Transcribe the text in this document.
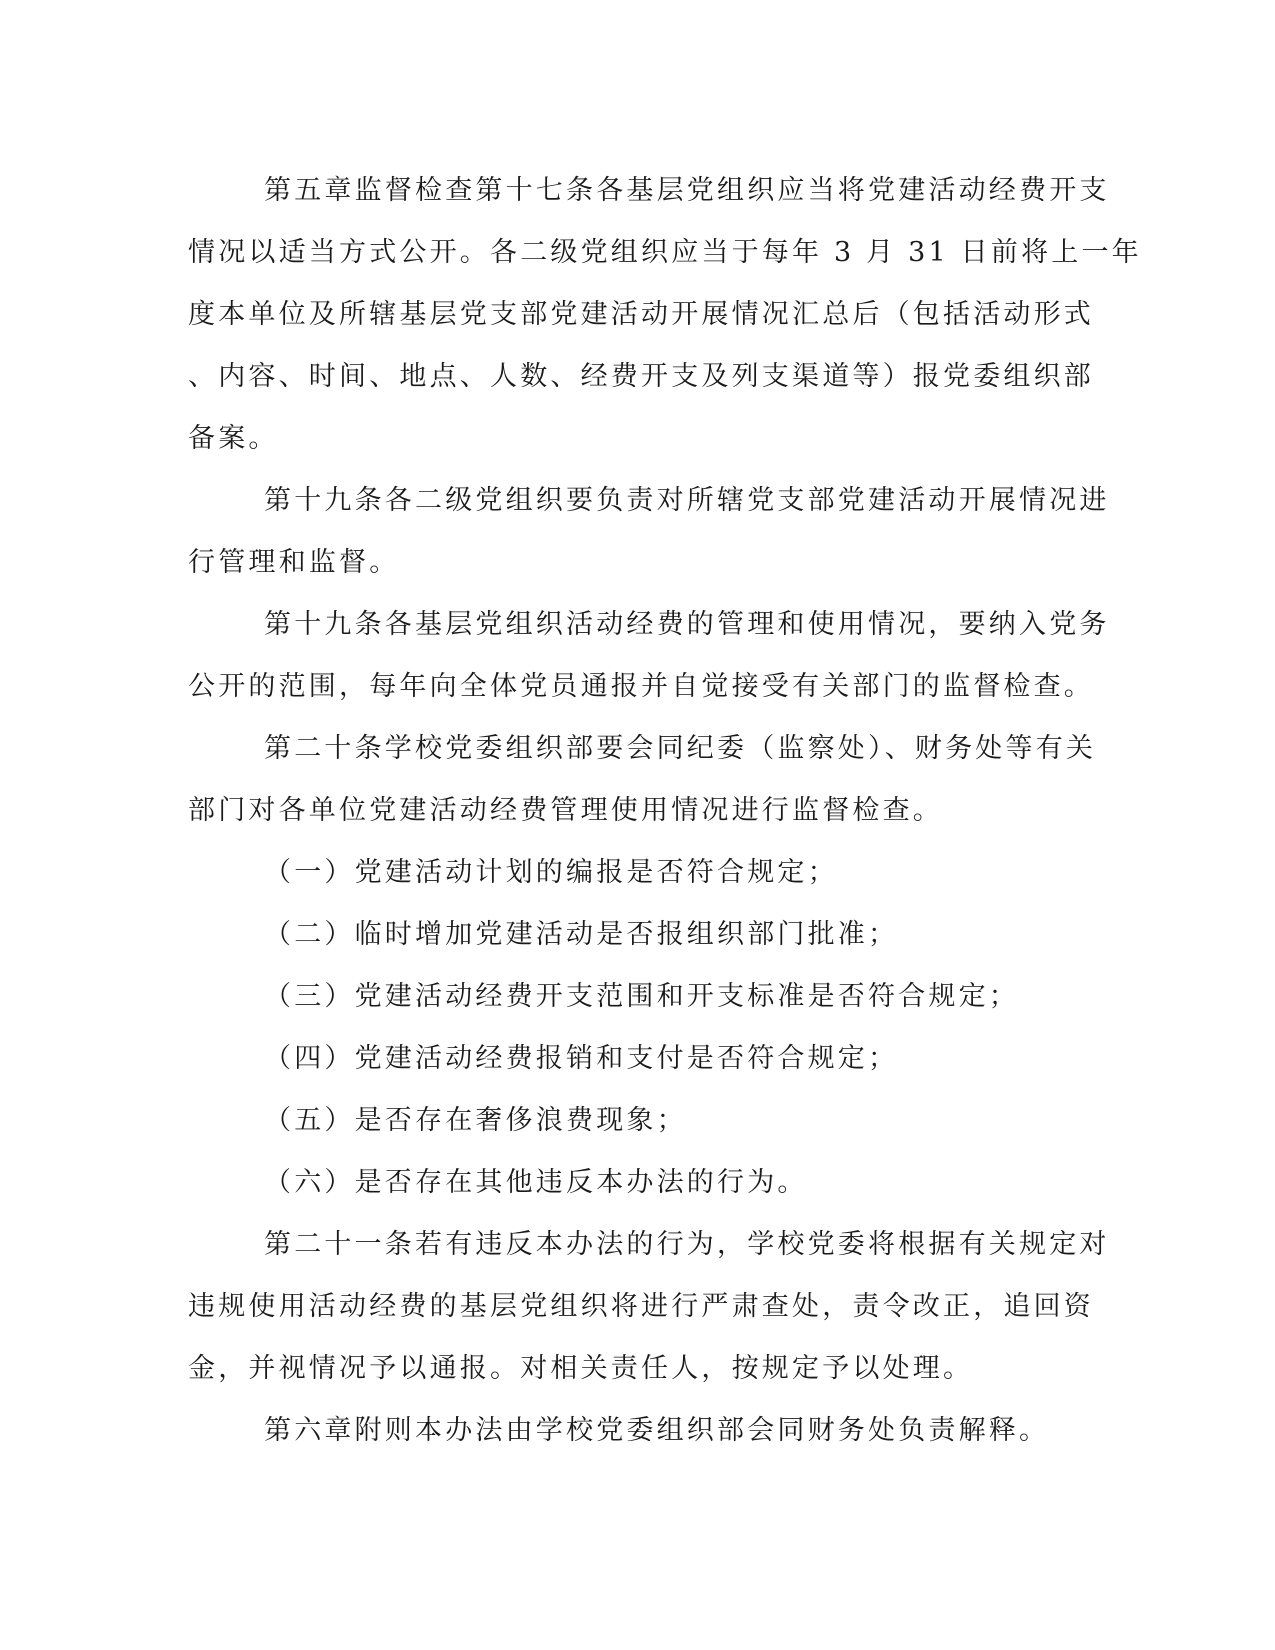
第五章监督检查第十七条各基层党组织应当将党建活动经费开支
情况以适当方式公开。各二级党组织应当于每年 3 月 31 日前将上一年
度本单位及所辖基层党支部党建活动开展情况汇总后（包括活动形式
、内容、时间、地点、人数、经费开支及列支渠道等）报党委组织部
备案。
第十九条各二级党组织要负责对所辖党支部党建活动开展情况进
行管理和监督。
第十九条各基层党组织活动经费的管理和使用情况，要纳入党务
公开的范围，每年向全体党员通报并自觉接受有关部门的监督检查。
第二十条学校党委组织部要会同纪委（监察处）、财务处等有关
部门对各单位党建活动经费管理使用情况进行监督检查。
（一）党建活动计划的编报是否符合规定；
（二）临时增加党建活动是否报组织部门批准；
（三）党建活动经费开支范围和开支标准是否符合规定；
（四）党建活动经费报销和支付是否符合规定；
（五）是否存在奢侈浪费现象；
（六）是否存在其他违反本办法的行为。
第二十一条若有违反本办法的行为，学校党委将根据有关规定对
违规使用活动经费的基层党组织将进行严肃查处，责令改正，追回资
金，并视情况予以通报。对相关责任人，按规定予以处理。
第六章附则本办法由学校党委组织部会同财务处负责解释。
